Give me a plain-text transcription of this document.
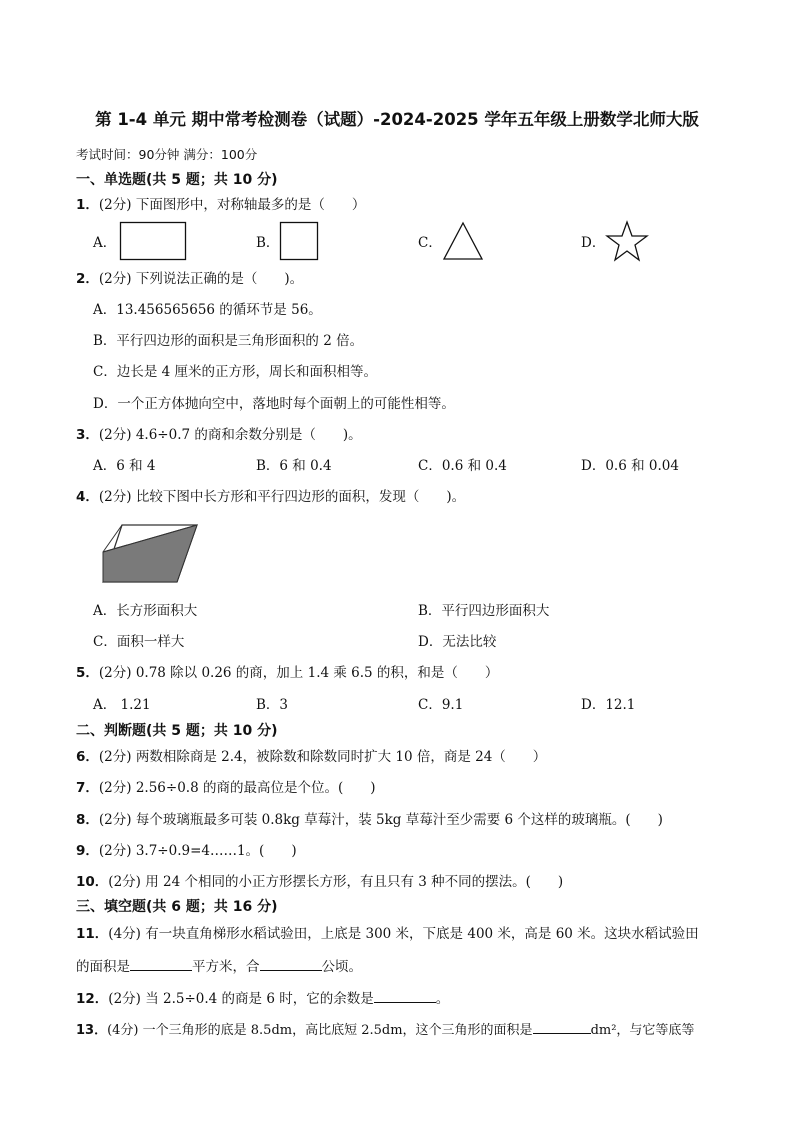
第 1-4 单元 期中常考检测卷（试题）-2024-2025 学年五年级上册数学北师大版
考试时间：90分钟 满分：100分
一、单选题(共 5 题；共 10 分)
1．(2分) 下面图形中，对称轴最多的是（　　）
A．	B．	C．	D．
2．(2分) 下列说法正确的是（　　)。
A．13.456565656 的循环节是 56。
B．平行四边形的面积是三角形面积的 2 倍。
C．边长是 4 厘米的正方形，周长和面积相等。
D．一个正方体抛向空中，落地时每个面朝上的可能性相等。
3．(2分) 4.6÷0.7 的商和余数分别是（　　)。
A．6 和 4	B．6 和 0.4	C．0.6 和 0.4	D．0.6 和 0.04
4．(2分) 比较下图中长方形和平行四边形的面积，发现（　　)。
A．长方形面积大	B．平行四边形面积大
C．面积一样大	D．无法比较
5．(2分) 0.78 除以 0.26 的商，加上 1.4 乘 6.5 的积，和是（　　）
A． 1.21	B．3	C．9.1	D．12.1
二、判断题(共 5 题；共 10 分)
6．(2分) 两数相除商是 2.4，被除数和除数同时扩大 10 倍，商是 24（　　）
7．(2分) 2.56÷0.8 的商的最高位是个位。(　　)
8．(2分) 每个玻璃瓶最多可装 0.8kg 草莓汁，装 5kg 草莓汁至少需要 6 个这样的玻璃瓶。(　　)
9．(2分) 3.7÷0.9=4……1。(　　)
10．(2分) 用 24 个相同的小正方形摆长方形，有且只有 3 种不同的摆法。(　　)
三、填空题(共 6 题；共 16 分)
11．(4分) 有一块直角梯形水稻试验田，上底是 300 米，下底是 400 米，高是 60 米。这块水稻试验田
的面积是	平方米，合	公顷。
12．(2分) 当 2.5÷0.4 的商是 6 时，它的余数是	。
13．(4分) 一个三角形的底是 8.5dm，高比底短 2.5dm，这个三角形的面积是	dm²，与它等底等
